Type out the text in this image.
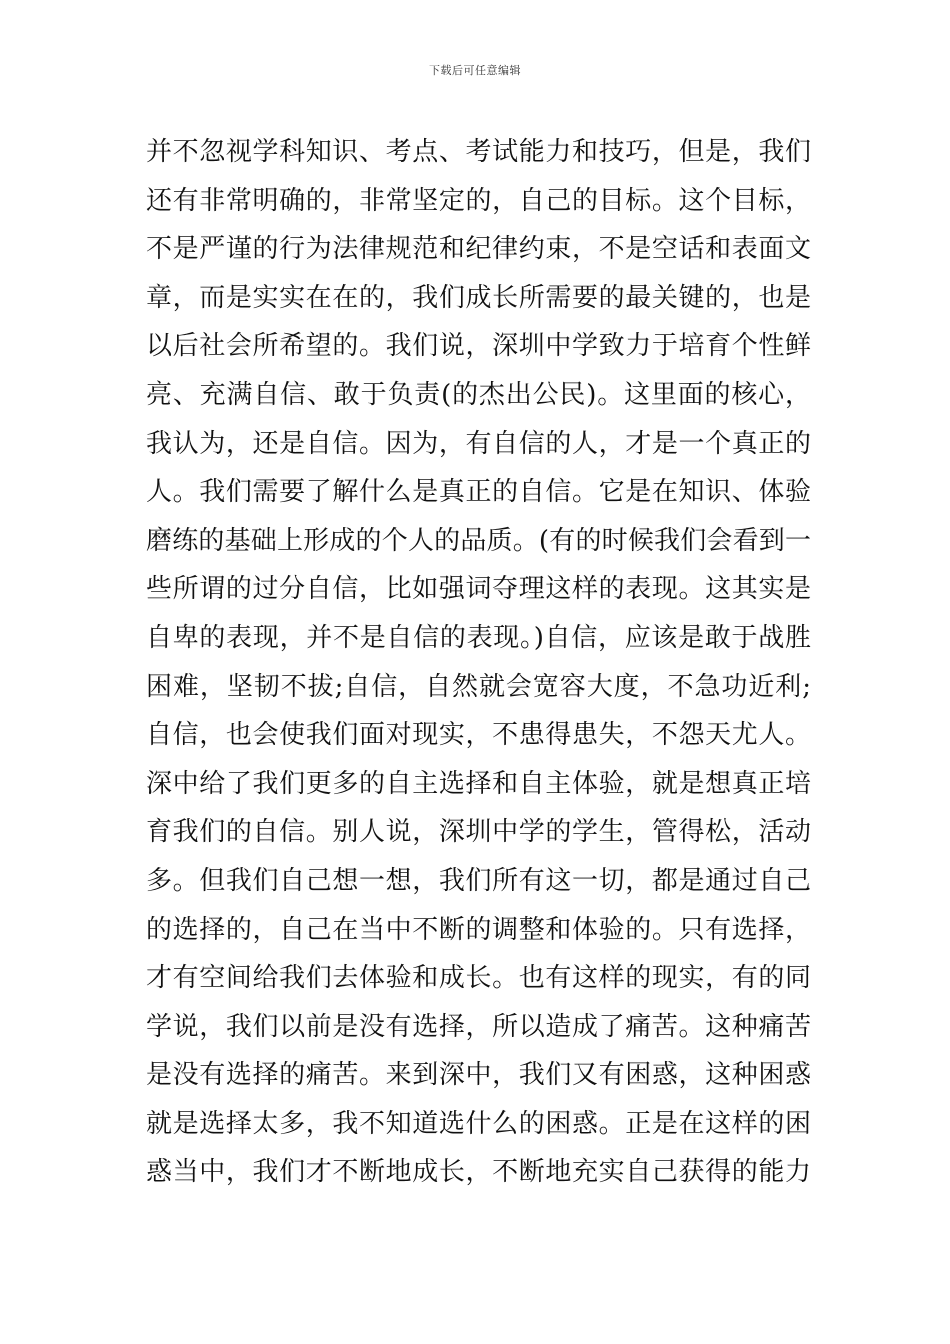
下载后可任意编辑
并不忽视学科知识、考点、考试能力和技巧，但是，我们
还有非常明确的，非常坚定的，自己的目标。这个目标，
不是严谨的行为法律规范和纪律约束，不是空话和表面文
章，而是实实在在的，我们成长所需要的最关键的，也是
以后社会所希望的。我们说，深圳中学致力于培育个性鲜
亮、充满自信、敢于负责(的杰出公民)。这里面的核心，
我认为，还是自信。因为，有自信的人，才是一个真正的
人。我们需要了解什么是真正的自信。它是在知识、体验
磨练的基础上形成的个人的品质。(有的时候我们会看到一
些所谓的过分自信，比如强词夺理这样的表现。这其实是
自卑的表现，并不是自信的表现。)自信，应该是敢于战胜
困难，坚韧不拔;自信，自然就会宽容大度，不急功近利;
自信，也会使我们面对现实，不患得患失，不怨天尤人。
深中给了我们更多的自主选择和自主体验，就是想真正培
育我们的自信。别人说，深圳中学的学生，管得松，活动
多。但我们自己想一想，我们所有这一切，都是通过自己
的选择的，自己在当中不断的调整和体验的。只有选择，
才有空间给我们去体验和成长。也有这样的现实，有的同
学说，我们以前是没有选择，所以造成了痛苦。这种痛苦
是没有选择的痛苦。来到深中，我们又有困惑，这种困惑
就是选择太多，我不知道选什么的困惑。正是在这样的困
惑当中，我们才不断地成长，不断地充实自己获得的能力
